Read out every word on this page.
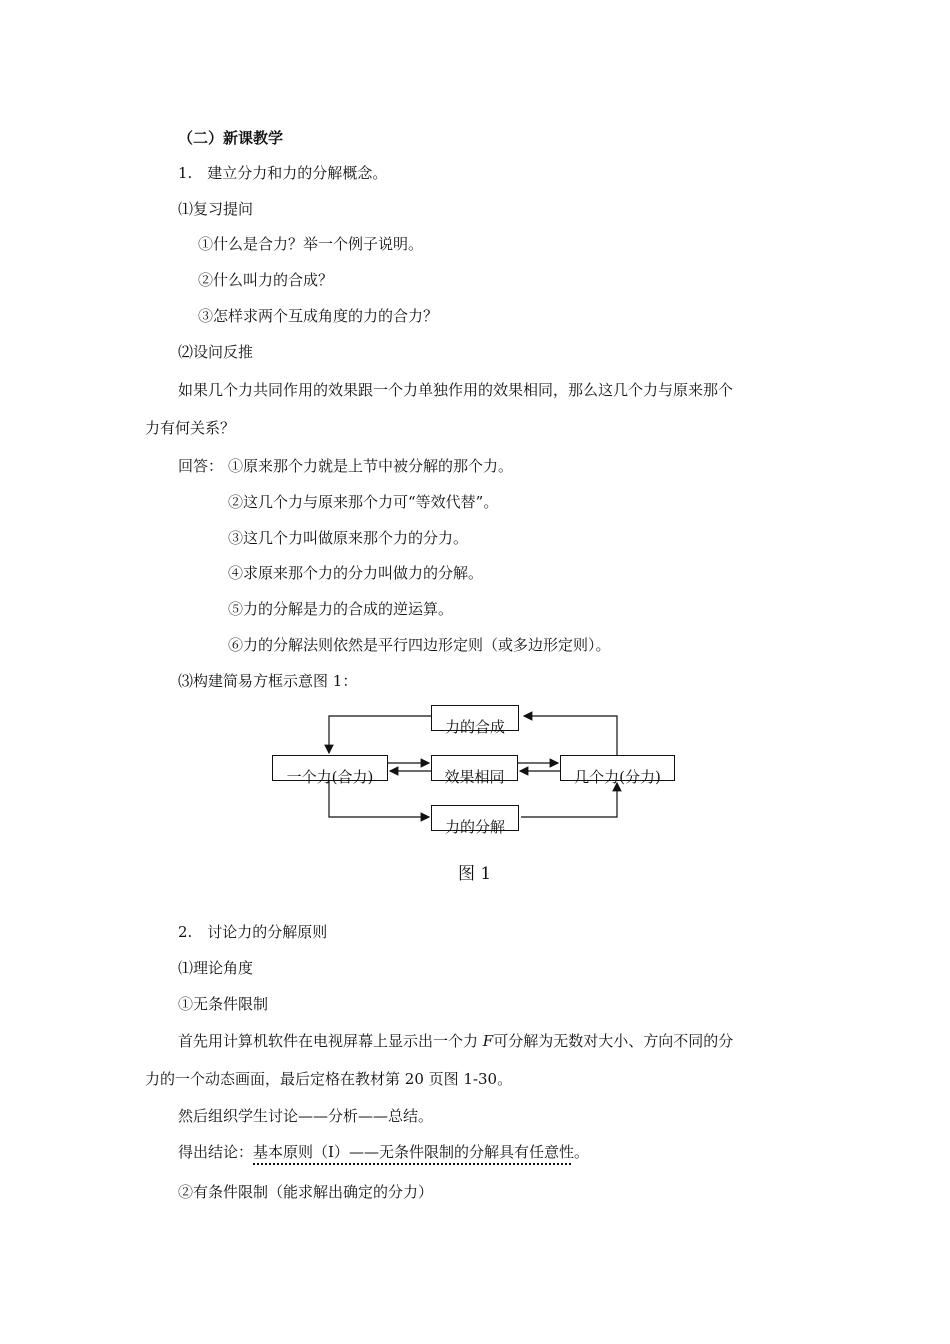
（二）新课教学
1.　建立分力和力的分解概念。
⑴复习提问
①什么是合力？举一个例子说明。
②什么叫力的合成？
③怎样求两个互成角度的力的合力？
⑵设问反推
如果几个力共同作用的效果跟一个力单独作用的效果相同，那么这几个力与原来那个
力有何关系？
回答： ①原来那个力就是上节中被分解的那个力。
②这几个力与原来那个力可“等效代替”。
③这几个力叫做原来那个力的分力。
④求原来那个力的分力叫做力的分解。
⑤力的分解是力的合成的逆运算。
⑥力的分解法则依然是平行四边形定则（或多边形定则）。
⑶构建简易方框示意图 1：
力的合成
一个力(合力)	效果相同	几个力(分力)
力的分解
图 1
2.　讨论力的分解原则
⑴理论角度
①无条件限制
首先用计算机软件在电视屏幕上显示出一个力 F可分解为无数对大小、方向不同的分
力的一个动态画面，最后定格在教材第 20 页图 1-30。
然后组织学生讨论——分析——总结。
得出结论：基本原则（Ⅰ）——无条件限制的分解具有任意性。
②有条件限制（能求解出确定的分力）
